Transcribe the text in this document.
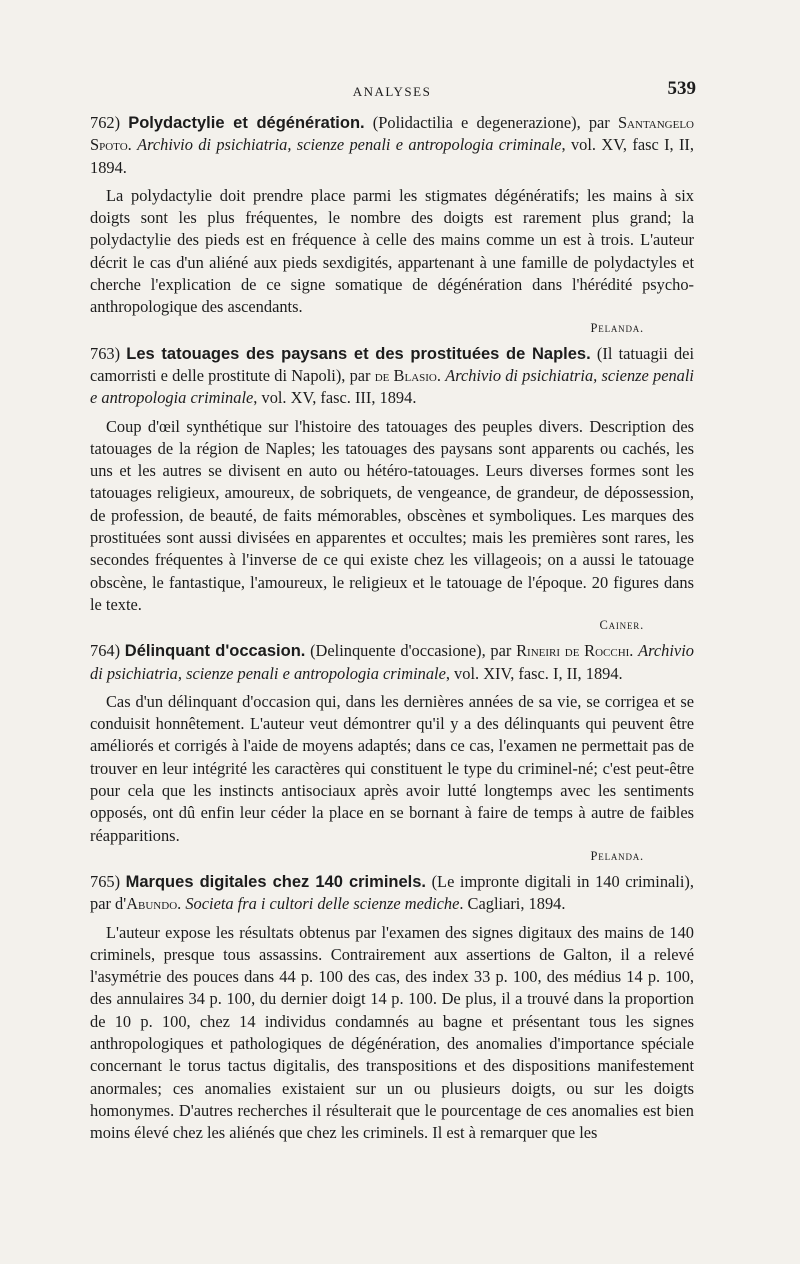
ANALYSES	539

762) Polydactylie et dégénération. (Polidactilia e degenerazione), par Santangelo Spoto. Archivio di psichiatria, scienze penali e antropologia criminale, vol. XV, fasc I, II, 1894.

La polydactylie doit prendre place parmi les stigmates dégénératifs; les mains à six doigts sont les plus fréquentes, le nombre des doigts est rarement plus grand; la polydactylie des pieds est en fréquence à celle des mains comme un est à trois. L'auteur décrit le cas d'un aliéné aux pieds sexdigités, appartenant à une famille de polydactyles et cherche l'explication de ce signe somatique de dégénération dans l'hérédité psycho-anthropologique des ascendants.

Pelanda.

763) Les tatouages des paysans et des prostituées de Naples. (Il tatuagii dei camorristi e delle prostitute di Napoli), par de Blasio. Archivio di psichiatria, scienze penali e antropologia criminale, vol. XV, fasc. III, 1894.

Coup d'œil synthétique sur l'histoire des tatouages des peuples divers. Description des tatouages de la région de Naples; les tatouages des paysans sont apparents ou cachés, les uns et les autres se divisent en auto ou hétéro-tatouages. Leurs diverses formes sont les tatouages religieux, amoureux, de sobriquets, de vengeance, de grandeur, de dépossession, de profession, de beauté, de faits mémorables, obscènes et symboliques. Les marques des prostituées sont aussi divisées en apparentes et occultes; mais les premières sont rares, les secondes fréquentes à l'inverse de ce qui existe chez les villageois; on a aussi le tatouage obscène, le fantastique, l'amoureux, le religieux et le tatouage de l'époque. 20 figures dans le texte.

Cainer.

764) Délinquant d'occasion. (Delinquente d'occasione), par Rineiri de Rocchi. Archivio di psichiatria, scienze penali e antropologia criminale, vol. XIV, fasc. I, II, 1894.

Cas d'un délinquant d'occasion qui, dans les dernières années de sa vie, se corrigea et se conduisit honnêtement. L'auteur veut démontrer qu'il y a des délinquants qui peuvent être améliorés et corrigés à l'aide de moyens adaptés; dans ce cas, l'examen ne permettait pas de trouver en leur intégrité les caractères qui constituent le type du criminel-né; c'est peut-être pour cela que les instincts antisociaux après avoir lutté longtemps avec les sentiments opposés, ont dû enfin leur céder la place en se bornant à faire de temps à autre de faibles réapparitions.

Pelanda.

765) Marques digitales chez 140 criminels. (Le impronte digitali in 140 criminali), par d'Abundo. Societa fra i cultori delle scienze mediche. Cagliari, 1894.

L'auteur expose les résultats obtenus par l'examen des signes digitaux des mains de 140 criminels, presque tous assassins. Contrairement aux assertions de Galton, il a relevé l'asymétrie des pouces dans 44 p. 100 des cas, des index 33 p. 100, des médius 14 p. 100, des annulaires 34 p. 100, du dernier doigt 14 p. 100. De plus, il a trouvé dans la proportion de 10 p. 100, chez 14 individus condamnés au bagne et présentant tous les signes anthropologiques et pathologiques de dégénération, des anomalies d'importance spéciale concernant le torus tactus digitalis, des transpositions et des dispositions manifestement anormales; ces anomalies existaient sur un ou plusieurs doigts, ou sur les doigts homonymes. D'autres recherches il résulterait que le pourcentage de ces anomalies est bien moins élevé chez les aliénés que chez les criminels. Il est à remarquer que les
